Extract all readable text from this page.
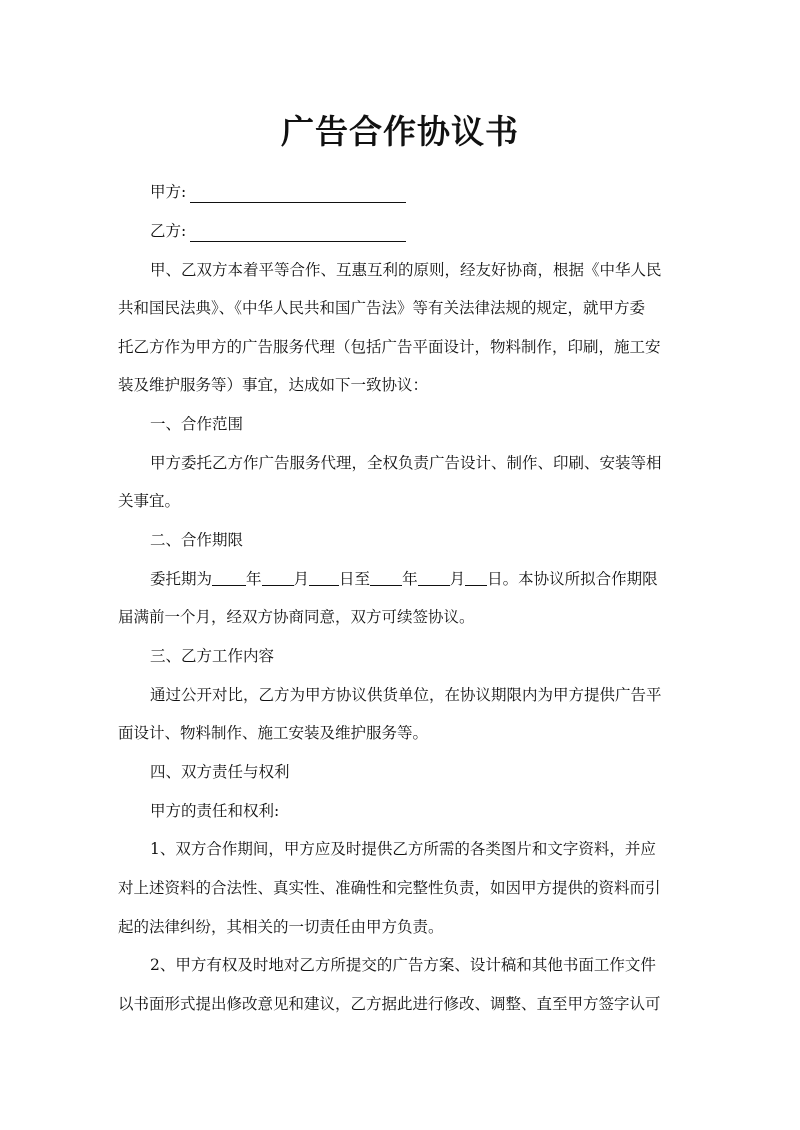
广告合作协议书
甲方:
乙方:
甲、乙双方本着平等合作、互惠互利的原则，经友好协商，根据《中华人民
共和国民法典》、《中华人民共和国广告法》等有关法律法规的规定，就甲方委
托乙方作为甲方的广告服务代理（包括广告平面设计，物料制作，印刷，施工安
装及维护服务等）事宜，达成如下一致协议：
一、合作范围
甲方委托乙方作广告服务代理，全权负责广告设计、制作、印刷、安装等相
关事宜。
二、合作期限
委托期为 年 月 日至 年 月 日。本协议所拟合作期限
届满前一个月，经双方协商同意，双方可续签协议。
三、乙方工作内容
通过公开对比，乙方为甲方协议供货单位，在协议期限内为甲方提供广告平
面设计、物料制作、施工安装及维护服务等。
四、双方责任与权利
甲方的责任和权利:
1、双方合作期间，甲方应及时提供乙方所需的各类图片和文字资料，并应
对上述资料的合法性、真实性、准确性和完整性负责，如因甲方提供的资料而引
起的法律纠纷，其相关的一切责任由甲方负责。
2、甲方有权及时地对乙方所提交的广告方案、设计稿和其他书面工作文件
以书面形式提出修改意见和建议，乙方据此进行修改、调整、直至甲方签字认可
